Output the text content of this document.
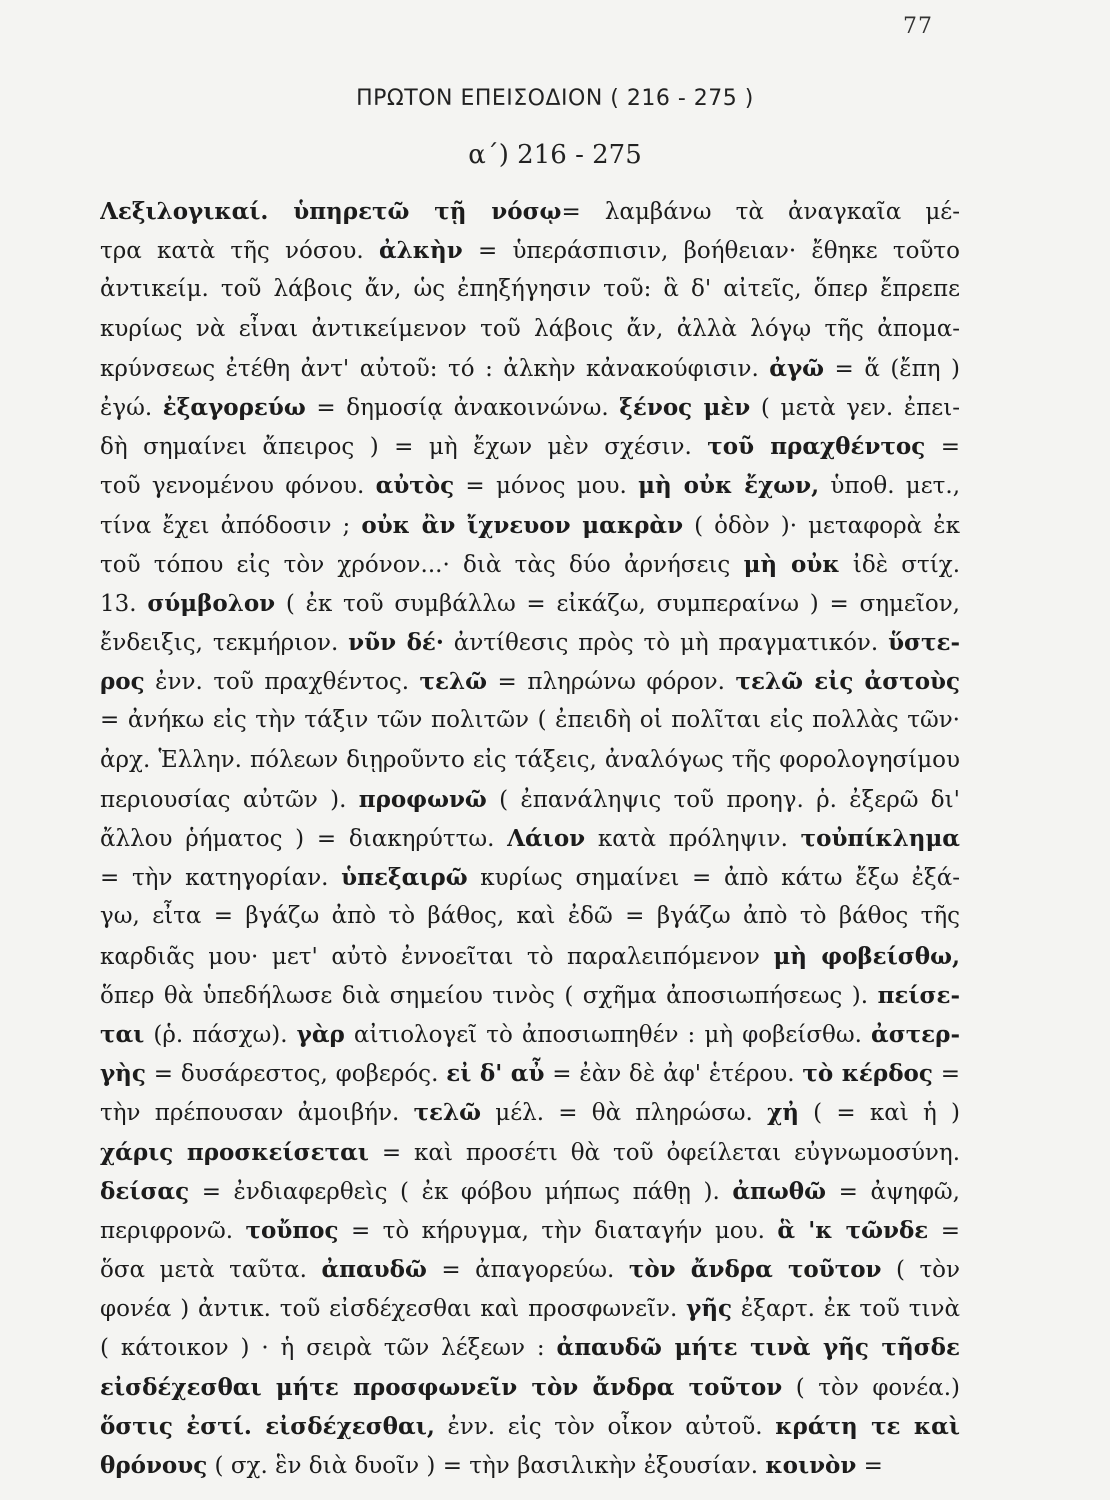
77
ΠΡΩΤΟΝ ΕΠΕΙΣΟΔΙΟΝ ( 216 - 275 )
α΄) 216 - 275
Λεξιλογικαί. ὑπηρετῶ τῇ νόσῳ= λαμβάνω τὰ ἀναγκαῖα μέ-
τρα κατὰ τῆς νόσου. ἀλκὴν = ὑπεράσπισιν, βοήθειαν· ἔθηκε τοῦτο
ἀντικείμ. τοῦ λάβοις ἄν, ὡς ἐπηξήγησιν τοῦ: ἃ δ' αἰτεῖς, ὅπερ ἔπρεπε
κυρίως νὰ εἶναι ἀντικείμενον τοῦ λάβοις ἄν, ἀλλὰ λόγῳ τῆς ἀπομα-
κρύνσεως ἐτέθη ἀντ' αὐτοῦ: τό : ἀλκὴν κἀνακούφισιν. ἀγῶ = ἅ (ἔπη )
ἐγώ. ἐξαγορεύω = δημοσίᾳ ἀνακοινώνω. ξένος μὲν ( μετὰ γεν. ἐπει-
δὴ σημαίνει ἄπειρος ) = μὴ ἔχων μὲν σχέσιν. τοῦ πραχθέντος =
τοῦ γενομένου φόνου. αὐτὸς = μόνος μου. μὴ οὐκ ἔχων, ὑποθ. μετ.,
τίνα ἔχει ἀπόδοσιν ; οὐκ ἂν ἴχνευον μακρὰν ( ὁδὸν )· μεταφορὰ ἐκ
τοῦ τόπου εἰς τὸν χρόνον...· διὰ τὰς δύο ἀρνήσεις μὴ οὐκ ἰδὲ στίχ.
13. σύμβολον ( ἐκ τοῦ συμβάλλω = εἰκάζω, συμπεραίνω ) = σημεῖον,
ἔνδειξις, τεκμήριον. νῦν δέ· ἀντίθεσις πρὸς τὸ μὴ πραγματικόν. ὕστε-
ρος ἐνν. τοῦ πραχθέντος. τελῶ = πληρώνω φόρον. τελῶ εἰς ἀστοὺς
= ἀνήκω εἰς τὴν τάξιν τῶν πολιτῶν ( ἐπειδὴ οἱ πολῖται εἰς πολλὰς τῶν·
ἀρχ. Ἑλλην. πόλεων διῃροῦντο εἰς τάξεις, ἀναλόγως τῆς φορολογησίμου
περιουσίας αὐτῶν ). προφωνῶ ( ἐπανάληψις τοῦ προηγ. ῥ. ἐξερῶ δι'
ἄλλου ῥήματος ) = διακηρύττω. Λάιον κατὰ πρόληψιν. τοὐπίκλημα
= τὴν κατηγορίαν. ὑπεξαιρῶ κυρίως σημαίνει = ἀπὸ κάτω ἔξω ἐξά-
γω, εἶτα = βγάζω ἀπὸ τὸ βάθος, καὶ ἐδῶ = βγάζω ἀπὸ τὸ βάθος τῆς
καρδιᾶς μου· μετ' αὐτὸ ἐννοεῖται τὸ παραλειπόμενον μὴ φοβείσθω,
ὅπερ θὰ ὑπεδήλωσε διὰ σημείου τινὸς ( σχῆμα ἀποσιωπήσεως ). πείσε-
ται (ῥ. πάσχω). γὰρ αἰτιολογεῖ τὸ ἀποσιωπηθέν : μὴ φοβείσθω. ἀστερ-
γὴς = δυσάρεστος, φοβερός. εἰ δ' αὖ = ἐὰν δὲ ἀφ' ἑτέρου. τὸ κέρδος =
τὴν πρέπουσαν ἀμοιβήν. τελῶ μέλ. = θὰ πληρώσω. χἠ ( = καὶ ἡ )
χάρις προσκείσεται = καὶ προσέτι θὰ τοῦ ὀφείλεται εὐγνωμοσύνη.
δείσας = ἐνδιαφερθεὶς ( ἐκ φόβου μήπως πάθῃ ). ἀπωθῶ = ἀψηφῶ,
περιφρονῶ. τοὔπος = τὸ κήρυγμα, τὴν διαταγήν μου. ἃ 'κ τῶνδε =
ὅσα μετὰ ταῦτα. ἀπαυδῶ = ἀπαγορεύω. τὸν ἄνδρα τοῦτον ( τὸν
φονέα ) ἀντικ. τοῦ εἰσδέχεσθαι καὶ προσφωνεῖν. γῆς ἐξαρτ. ἐκ τοῦ τινὰ
( κάτοικον ) · ἡ σειρὰ τῶν λέξεων : ἀπαυδῶ μήτε τινὰ γῆς τῆσδε
εἰσδέχεσθαι μήτε προσφωνεῖν τὸν ἄνδρα τοῦτον ( τὸν φονέα.)
ὅστις ἐστί. εἰσδέχεσθαι, ἐνν. εἰς τὸν οἶκον αὐτοῦ. κράτη τε καὶ
θρόνους ( σχ. ἓν διὰ δυοῖν ) = τὴν βασιλικὴν ἐξουσίαν. κοινὸν =
